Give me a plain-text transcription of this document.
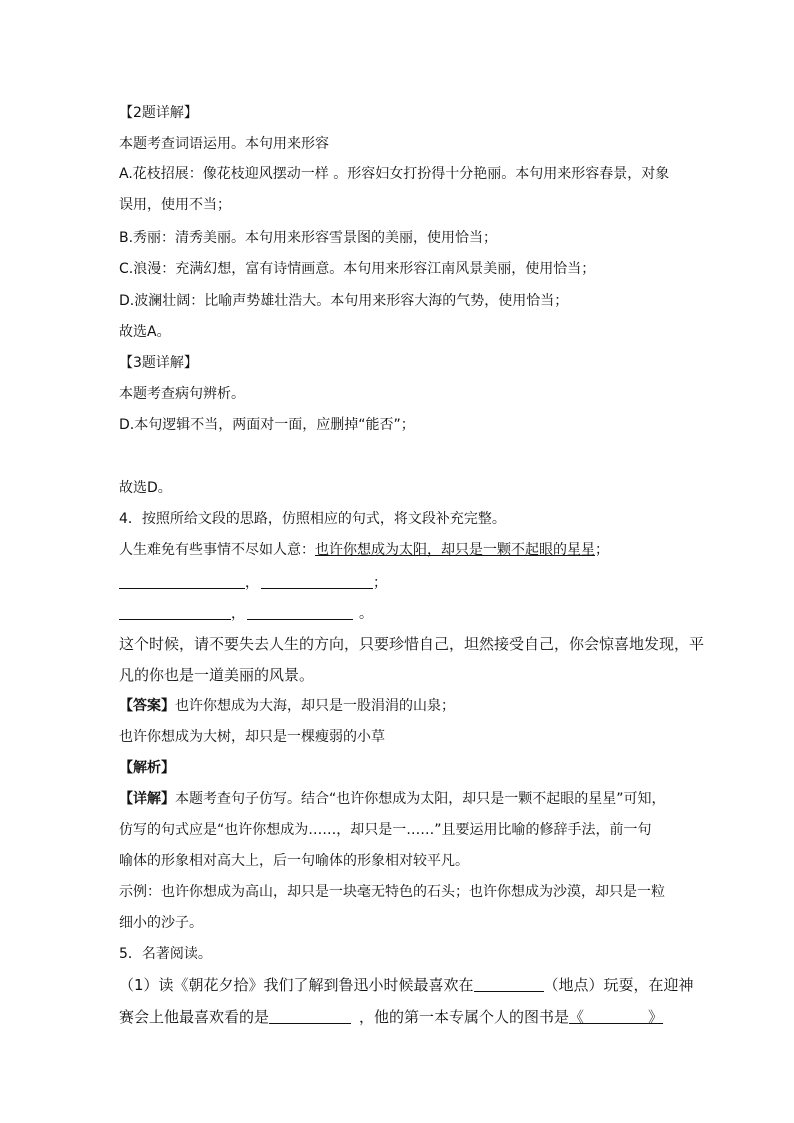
【2题详解】
本题考查词语运用。本句用来形容
A.花枝招展：像花枝迎风摆动一样 。形容妇女打扮得十分艳丽。本句用来形容春景，对象
误用，使用不当；
B.秀丽：清秀美丽。本句用来形容雪景图的美丽，使用恰当；
C.浪漫：充满幻想，富有诗情画意。本句用来形容江南风景美丽，使用恰当；
D.波澜壮阔：比喻声势雄壮浩大。本句用来形容大海的气势，使用恰当；
故选A。
【3题详解】
本题考查病句辨析。
D.本句逻辑不当，两面对一面，应删掉“能否”；
故选D。
4．按照所给文段的思路，仿照相应的句式，将文段补充完整。
人生难免有些事情不尽如人意：也许你想成为太阳，却只是一颗不起眼的星星；
，	；
，	。
这个时候，请不要失去人生的方向，只要珍惜自己，坦然接受自己，你会惊喜地发现，平
凡的你也是一道美丽的风景。
【答案】也许你想成为大海，却只是一股涓涓的山泉；
也许你想成为大树，却只是一棵瘦弱的小草
【解析】
【详解】本题考查句子仿写。结合“也许你想成为太阳，却只是一颗不起眼的星星”可知，
仿写的句式应是“也许你想成为……，却只是一……”且要运用比喻的修辞手法，前一句
喻体的形象相对高大上，后一句喻体的形象相对较平凡。
示例：也许你想成为高山，却只是一块毫无特色的石头；也许你想成为沙漠，却只是一粒
细小的沙子。
5．名著阅读。
（1）读《朝花夕拾》我们了解到鲁迅小时候最喜欢在	（地点）玩耍，在迎神
赛会上他最喜欢看的是	，他的第一本专属个人的图书是《	》
